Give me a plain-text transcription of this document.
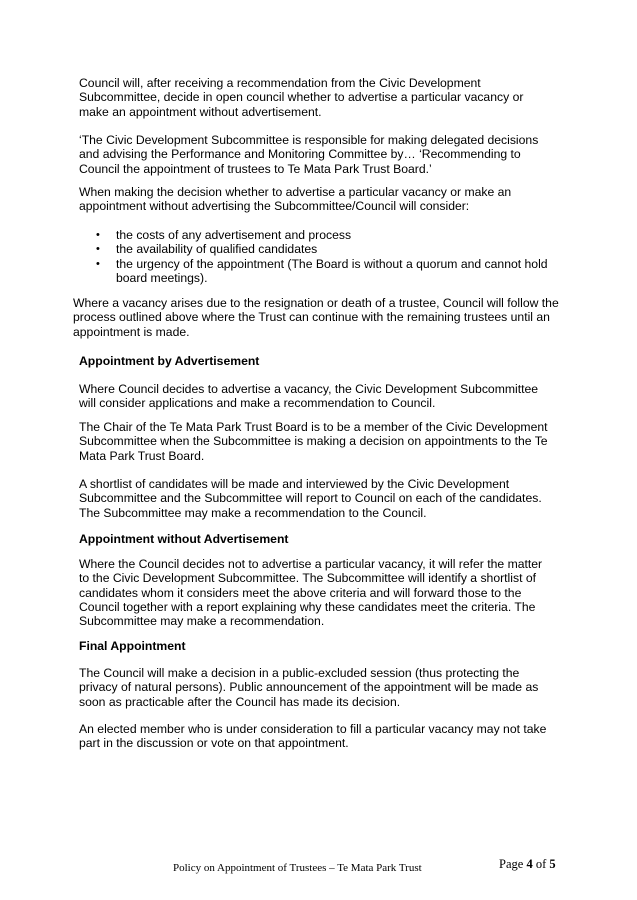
Council will, after receiving a recommendation from the Civic Development Subcommittee, decide in open council whether to advertise a particular vacancy or make an appointment without advertisement.

‘The Civic Development Subcommittee is responsible for making delegated decisions and advising the Performance and Monitoring Committee by… ‘Recommending to Council the appointment of trustees to Te Mata Park Trust Board.’

When making the decision whether to advertise a particular vacancy or make an appointment without advertising the Subcommittee/Council will consider:

•	the costs of any advertisement and process
•	the availability of qualified candidates
•	the urgency of the appointment (The Board is without a quorum and cannot hold board meetings).

Where a vacancy arises due to the resignation or death of a trustee, Council will follow the process outlined above where the Trust can continue with the remaining trustees until an appointment is made.

Appointment by Advertisement

Where Council decides to advertise a vacancy, the Civic Development Subcommittee will consider applications and make a recommendation to Council.

The Chair of the Te Mata Park Trust Board is to be a member of the Civic Development Subcommittee when the Subcommittee is making a decision on appointments to the Te Mata Park Trust Board.

A shortlist of candidates will be made and interviewed by the Civic Development Subcommittee and the Subcommittee will report to Council on each of the candidates. The Subcommittee may make a recommendation to the Council.

Appointment without Advertisement

Where the Council decides not to advertise a particular vacancy, it will refer the matter to the Civic Development Subcommittee. The Subcommittee will identify a shortlist of candidates whom it considers meet the above criteria and will forward those to the Council together with a report explaining why these candidates meet the criteria. The Subcommittee may make a recommendation.

Final Appointment

The Council will make a decision in a public-excluded session (thus protecting the privacy of natural persons). Public announcement of the appointment will be made as soon as practicable after the Council has made its decision.

An elected member who is under consideration to fill a particular vacancy may not take part in the discussion or vote on that appointment.

Policy on Appointment of Trustees – Te Mata Park Trust	Page 4 of 5
